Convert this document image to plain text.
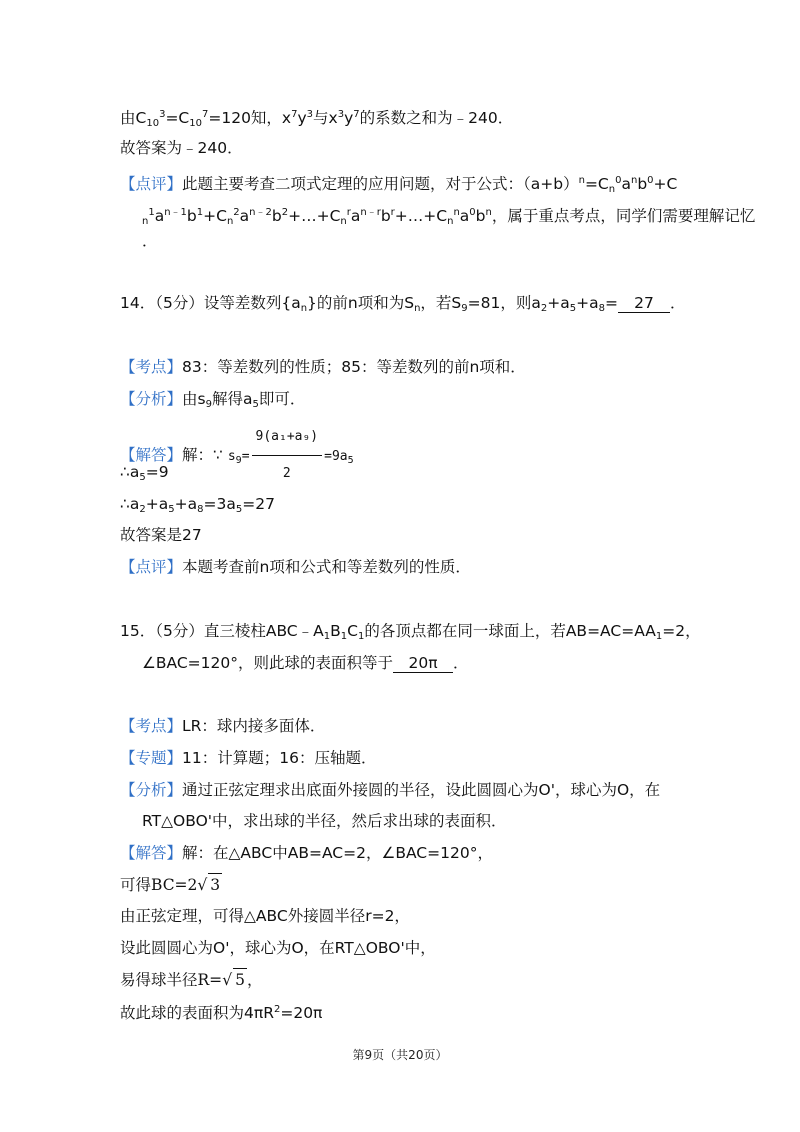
由$C_{10}^3=C_{10}^7=120$知，$x^7y^3$与$x^3y^7$的系数之和为﹣240．
故答案为﹣240．
【点评】此题主要考查二项式定理的应用问题，对于公式：$(a+b)^n=C_n^0a^nb^0+C$
$_n^1a^{n﹣1}b^1+C_n^2a^{n﹣2}b^2+\dots+C_n^ra^{n﹣r}b^r+\dots+C_n^na^0b^n$，属于重点考点，同学们需要理解记忆
．
14．（5分）设等差数列$\{a_n\}$的前n项和为$S_n$，若$S_9=81$，则$a_2+a_5+a_8= 27$ ．
【考点】83：等差数列的性质；85：等差数列的前n项和．
【分析】由$s_9$解得$a_5$即可．
【解答】解：∵ $s_9= \frac{\text{9(a₁+a₉)}}{2} =9a_5$
$\therefore a_5=9$
$\therefore a_2+a_5+a_8=3a_5=27$
故答案是27
【点评】本题考查前n项和公式和等差数列的性质．
15．（5分）直三棱柱$ABC﹣A_1B_1C_1$的各顶点都在同一球面上，若$AB=AC=AA_1=2$，
∠BAC=120°，则此球的表面积等于 20π ．
【考点】LR：球内接多面体．
【专题】11：计算题；16：压轴题．
【分析】通过正弦定理求出底面外接圆的半径，设此圆圆心为O'，球心为O，在
RT△OBO'中，求出球的半径，然后求出球的表面积．
【解答】解：在△ABC中AB=AC=2，∠BAC=120°，
可得BC=2√ 3
由正弦定理，可得△ABC外接圆半径r=2，
设此圆圆心为O'，球心为O，在RT△OBO'中，
易得球半径R=√ 5 ，
故此球的表面积为$4\pi R^2=20\pi$
第9页（共20页）
